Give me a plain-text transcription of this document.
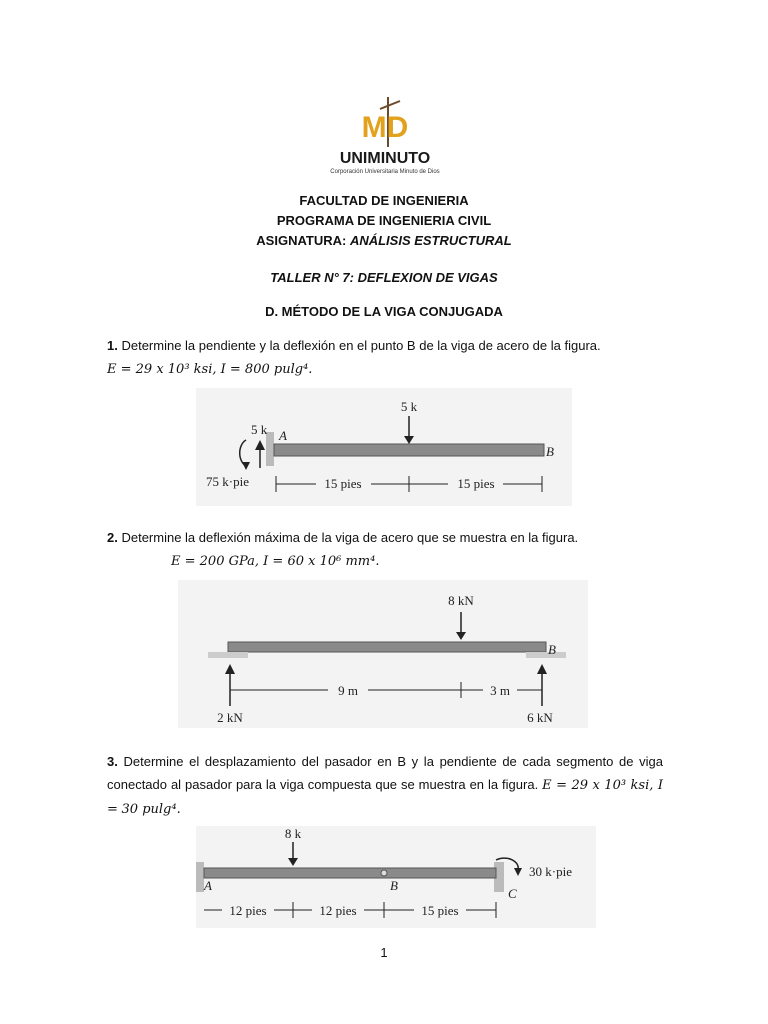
MD
UNIMINUTO
Corporación Universitaria Minuto de Dios
FACULTAD DE INGENIERIA
PROGRAMA DE INGENIERIA CIVIL
ASIGNATURA: ANÁLISIS ESTRUCTURAL
TALLER N° 7: DEFLEXION DE VIGAS
D. MÉTODO DE LA VIGA CONJUGADA
1. Determine la pendiente y la deflexión en el punto B de la viga de acero de la figura.
E = 29 x 10³ ksi, I = 800 pulg⁴.
5 k
5 k
75 k·pie
A
B
15 pies	15 pies
2. Determine la deflexión máxima de la viga de acero que se muestra en la figura.
E = 200 GPa, I = 60 x 10⁶ mm⁴.
8 kN
2 kN	6 kN
B
9 m	3 m
3. Determine el desplazamiento del pasador en B y la pendiente de cada segmento de viga conectado al pasador para la viga compuesta que se muestra en la figura. E = 29 x 10³ ksi, I = 30 pulg⁴.
8 k
30 k·pie
A	B
C
12 pies	12 pies	15 pies
1
